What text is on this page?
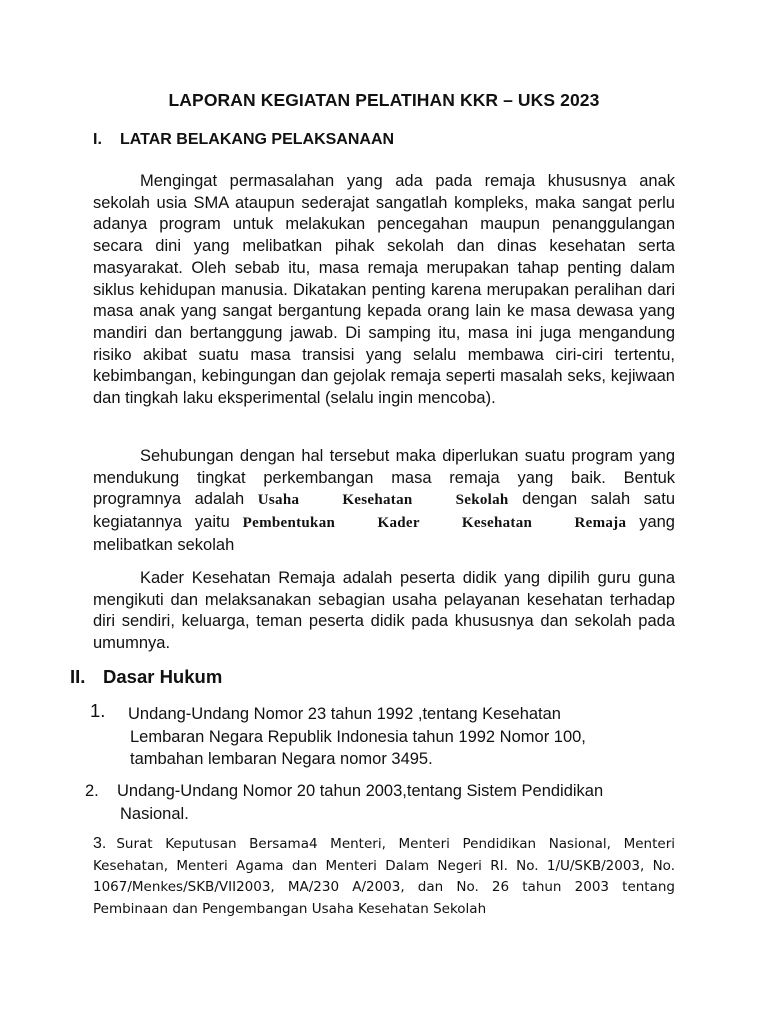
LAPORAN KEGIATAN PELATIHAN KKR – UKS 2023
I. LATAR BELAKANG PELAKSANAAN
Mengingat permasalahan yang ada pada remaja khususnya anak sekolah usia SMA ataupun sederajat sangatlah kompleks, maka sangat perlu adanya program untuk melakukan pencegahan maupun penanggulangan secara dini yang melibatkan pihak sekolah dan dinas kesehatan serta masyarakat. Oleh sebab itu, masa remaja merupakan tahap penting dalam siklus kehidupan manusia. Dikatakan penting karena merupakan peralihan dari masa anak yang sangat bergantung kepada orang lain ke masa dewasa yang mandiri dan bertanggung jawab. Di samping itu, masa ini juga mengandung risiko akibat suatu masa transisi yang selalu membawa ciri-ciri tertentu, kebimbangan, kebingungan dan gejolak remaja seperti masalah seks, kejiwaan dan tingkah laku eksperimental (selalu ingin mencoba).
Sehubungan dengan hal tersebut maka diperlukan suatu program yang mendukung tingkat perkembangan masa remaja yang baik. Bentuk programnya adalah Usaha Kesehatan Sekolah dengan salah satu kegiatannya yaitu Pembentukan Kader Kesehatan Remaja yang melibatkan sekolah
Kader Kesehatan Remaja adalah peserta didik yang dipilih guru guna mengikuti dan melaksanakan sebagian usaha pelayanan kesehatan terhadap diri sendiri, keluarga, teman peserta didik pada khususnya dan sekolah pada umumnya.
II. Dasar Hukum
1. Undang-Undang Nomor 23 tahun 1992 ,tentang Kesehatan
Lembaran Negara Republik Indonesia tahun 1992 Nomor 100,
tambahan lembaran Negara nomor 3495.
2. Undang-Undang Nomor 20 tahun 2003,tentang Sistem Pendidikan
Nasional.
3. Surat Keputusan Bersama4 Menteri, Menteri Pendidikan Nasional, Menteri Kesehatan, Menteri Agama dan Menteri Dalam Negeri RI. No. 1/U/SKB/2003, No. 1067/Menkes/SKB/VII2003, MA/230 A/2003, dan No. 26 tahun 2003 tentang Pembinaan dan Pengembangan Usaha Kesehatan Sekolah
